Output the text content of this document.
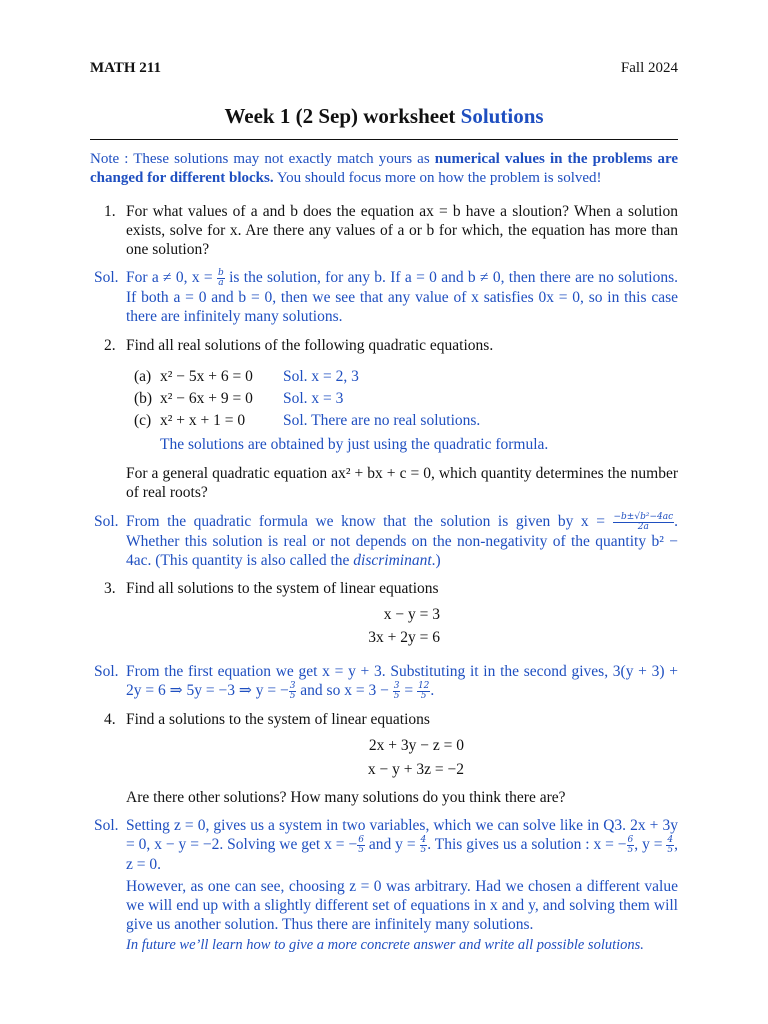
MATH 211	Fall 2024
Week 1 (2 Sep) worksheet Solutions
Note : These solutions may not exactly match yours as numerical values in the problems are changed for different blocks. You should focus more on how the problem is solved!
1. For what values of a and b does the equation ax = b have a sloution? When a solution exists, solve for x. Are there any values of a or b for which, the equation has more than one solution?
Sol. For a ≠ 0, $x = \frac{b}{a}$ is the solution, for any b. If a = 0 and b ≠ 0, then there are no solutions. If both a = 0 and b = 0, then we see that any value of x satisfies 0x = 0, so in this case there are infinitely many solutions.
2. Find all real solutions of the following quadratic equations.
(a) x² − 5x + 6 = 0 Sol. x = 2, 3
(b) x² − 6x + 9 = 0 Sol. x = 3
(c) x² + x + 1 = 0 Sol. There are no real solutions.
The solutions are obtained by just using the quadratic formula.
For a general quadratic equation ax² + bx + c = 0, which quantity determines the number of real roots?
Sol. From the quadratic formula we know that the solution is given by $x = \frac{\text{−b±√b²−4ac}}{2a}$ . Whether this solution is real or not depends on the non-negativity of the quantity b² − 4ac. (This quantity is also called the discriminant.)
3. Find all solutions to the system of linear equations
x − y = 3
3x + 2y = 6
Sol. From the first equation we get x = y + 3. Substituting it in the second gives, 3(y + 3) + 2y = 6 ⇒ 5y = −3 ⇒ y = − $\frac{3}{5}$ and so $x = 3 - \frac{3}{5} = \frac{12}{5}$ .
4. Find a solutions to the system of linear equations
2x + 3y − z = 0
x − y + 3z = −2
Are there other solutions? How many solutions do you think there are?
Sol. Setting z = 0, gives us a system in two variables, which we can solve like in Q3. 2x + 3y = 0, x − y = −2. Solving we get x = − $\frac{6}{5}$ and $y = \frac{4}{5}$ . This gives us a solution : x = − $\frac{6}{5}$ , $y = \frac{4}{5}$ , z = 0.
However, as one can see, choosing z = 0 was arbitrary. Had we chosen a different value we will end up with a slightly different set of equations in x and y, and solving them will give us another solution. Thus there are infinitely many solutions.
In future we’ll learn how to give a more concrete answer and write all possible solutions.
